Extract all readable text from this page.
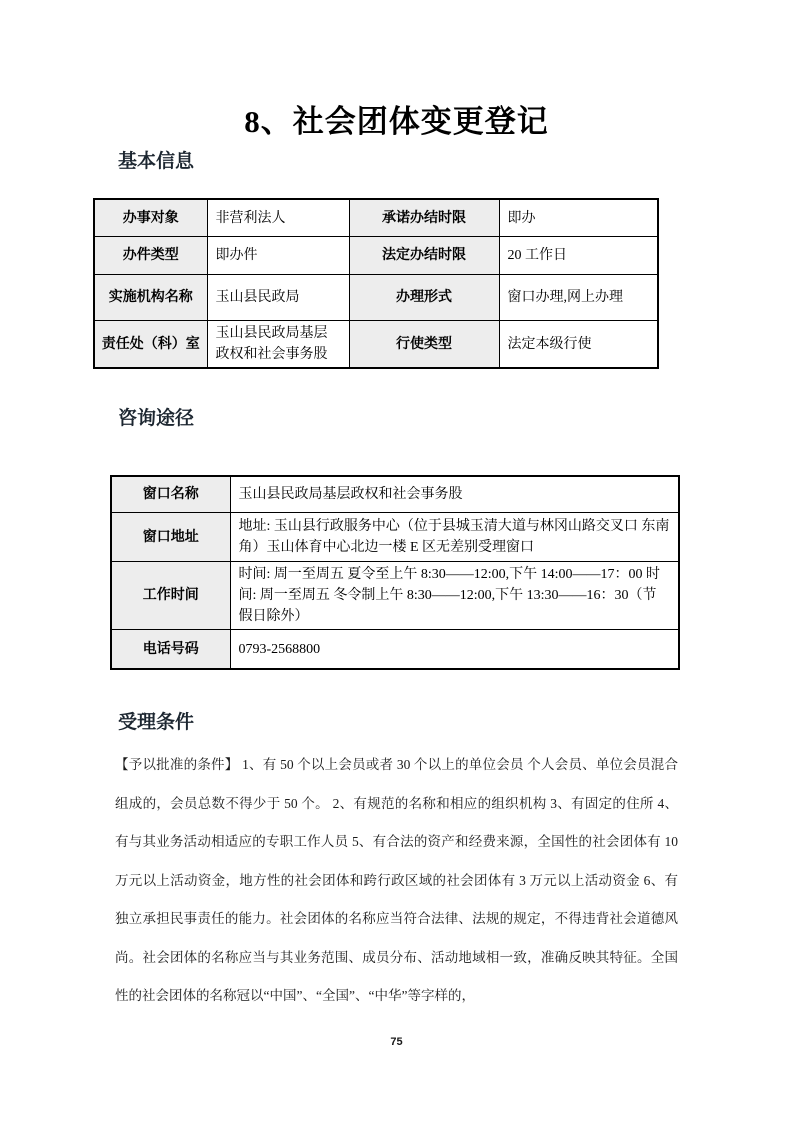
8、社会团体变更登记
基本信息
办事对象	非营利法人	承诺办结时限	即办
办件类型	即办件	法定办结时限	20 工作日
实施机构名称	玉山县民政局	办理形式	窗口办理,网上办理
责任处（科）室	玉山县民政局基层政权和社会事务股	行使类型	法定本级行使
咨询途径
窗口名称	玉山县民政局基层政权和社会事务股
窗口地址	地址: 玉山县行政服务中心（位于县城玉清大道与林冈山路交叉口 东南角）玉山体育中心北边一楼 E 区无差别受理窗口
工作时间	时间: 周一至周五 夏令至上午 8:30——12:00,下午 14:00——17：00 时间: 周一至周五 冬令制上午 8:30——12:00,下午 13:30——16：30（节假日除外）
电话号码	0793-2568800
受理条件

【予以批准的条件】 1、有 50 个以上会员或者 30 个以上的单位会员 个人会员、单位会员混合组成的，会员总数不得少于 50 个。 2、有规范的名称和相应的组织机构 3、有固定的住所 4、有与其业务活动相适应的专职工作人员 5、有合法的资产和经费来源，全国性的社会团体有 10 万元以上活动资金，地方性的社会团体和跨行政区域的社会团体有 3 万元以上活动资金 6、有独立承担民事责任的能力。社会团体的名称应当符合法律、法规的规定，不得违背社会道德风尚。社会团体的名称应当与其业务范围、成员分布、活动地域相一致，准确反映其特征。全国性的社会团体的名称冠以“中国”、“全国”、“中华”等字样的，

75
